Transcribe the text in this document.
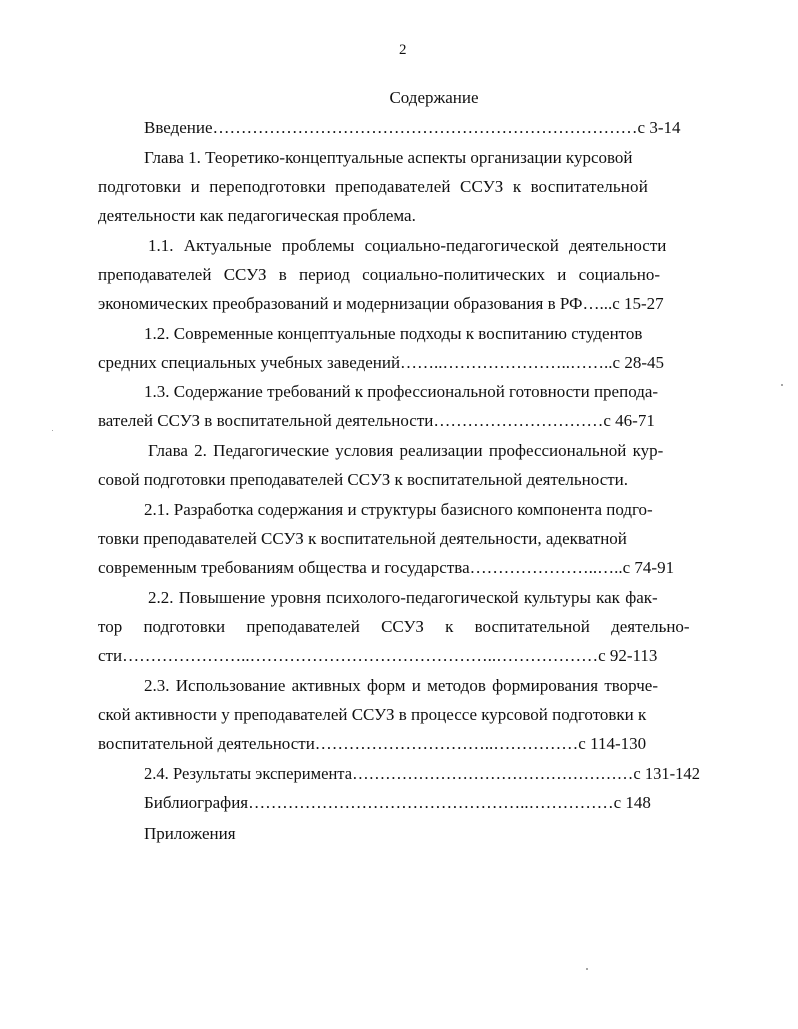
2
Содержание
Введение…………………………………………………………………с 3-14
Глава 1. Теоретико-концептуальные аспекты организации курсовой
подготовки и переподготовки преподавателей ССУЗ к воспитательной
деятельности как педагогическая проблема.
1.1. Актуальные проблемы социально-педагогической деятельности
преподавателей ССУЗ в период социально-политических и социально-
экономических преобразований и модернизации образования в РФ…...с 15-27
1.2. Современные концептуальные подходы к воспитанию студентов
средних специальных учебных заведений……..…………………..……..с 28-45
1.3. Содержание требований к профессиональной готовности препода-
вателей ССУЗ в воспитательной деятельности…………………………с 46-71
Глава 2. Педагогические условия реализации профессиональной кур-
совой подготовки преподавателей ССУЗ к воспитательной деятельности.
2.1. Разработка содержания и структуры базисного компонента подго-
товки преподавателей ССУЗ к воспитательной деятельности, адекватной
современным требованиям общества и государства…………………..…..с 74-91
2.2. Повышение уровня психолого-педагогической культуры как фак-
тор подготовки преподавателей ССУЗ к воспитательной деятельно-
сти…………………..……………………………………..………………с 92-113
2.3. Использование активных форм и методов формирования творче-
ской активности у преподавателей ССУЗ в процессе курсовой подготовки к
воспитательной деятельности…………………………..……………с 114-130
2.4. Результаты эксперимента……………………………………………с 131-142
Библиография…………………………………………..……………с 148
Приложения
